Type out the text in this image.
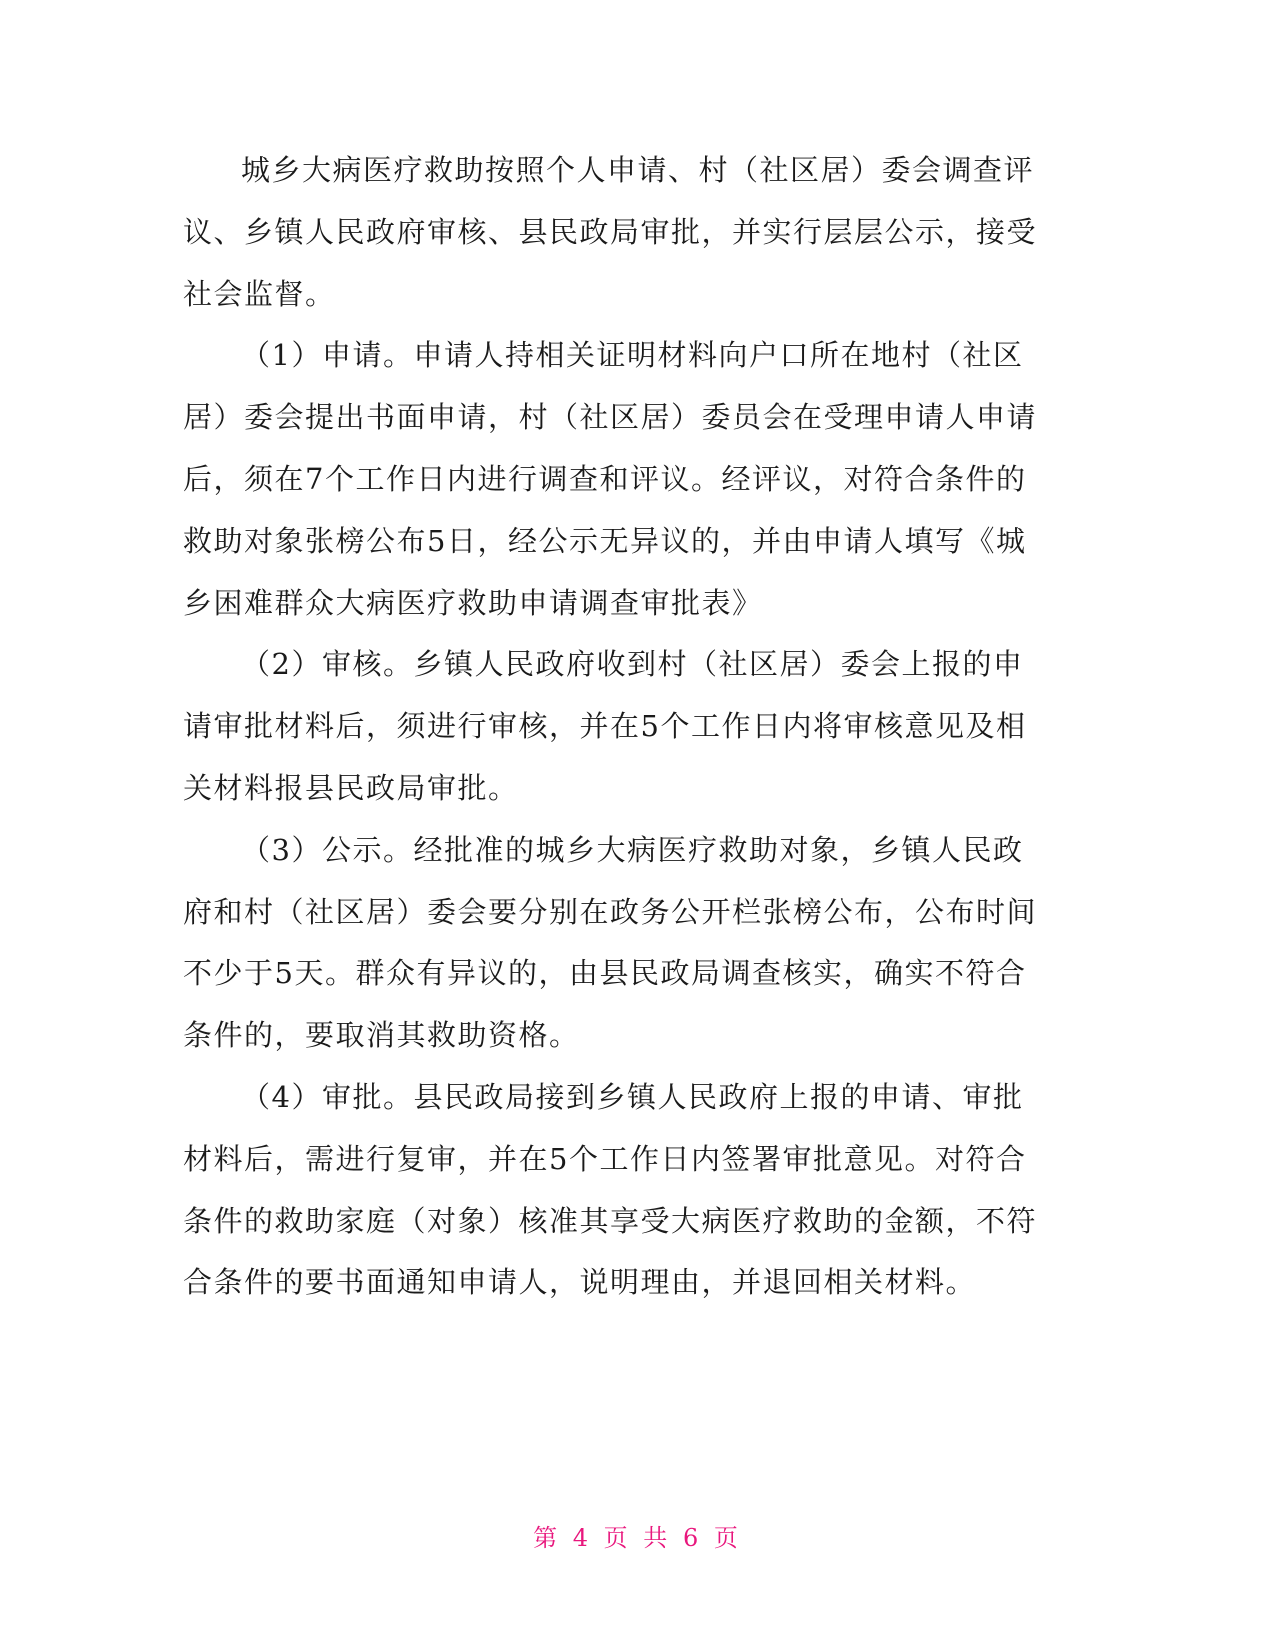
城乡大病医疗救助按照个人申请、村（社区居）委会调查评议、乡镇人民政府审核、县民政局审批，并实行层层公示，接受社会监督。

（1）申请。申请人持相关证明材料向户口所在地村（社区居）委会提出书面申请，村（社区居）委员会在受理申请人申请后，须在7个工作日内进行调查和评议。经评议，对符合条件的救助对象张榜公布5日，经公示无异议的，并由申请人填写《城乡困难群众大病医疗救助申请调查审批表》

（2）审核。乡镇人民政府收到村（社区居）委会上报的申请审批材料后，须进行审核，并在5个工作日内将审核意见及相关材料报县民政局审批。

（3）公示。经批准的城乡大病医疗救助对象，乡镇人民政府和村（社区居）委会要分别在政务公开栏张榜公布，公布时间不少于5天。群众有异议的，由县民政局调查核实，确实不符合条件的，要取消其救助资格。

（4）审批。县民政局接到乡镇人民政府上报的申请、审批材料后，需进行复审，并在5个工作日内签署审批意见。对符合条件的救助家庭（对象）核准其享受大病医疗救助的金额，不符合条件的要书面通知申请人，说明理由，并退回相关材料。

第 4 页 共 6 页
